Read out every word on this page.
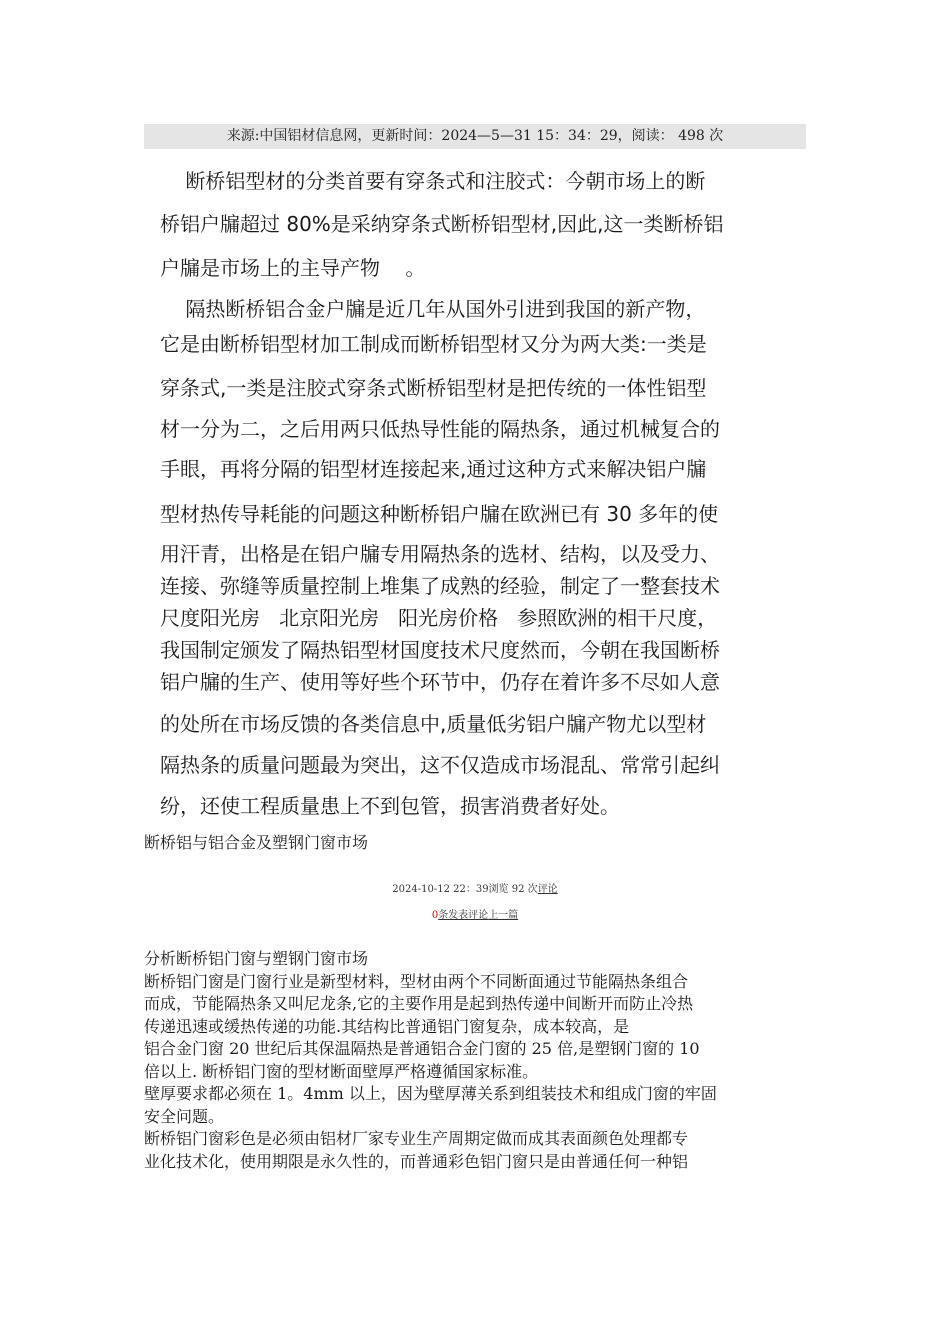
来源:中国铝材信息网，更新时间：2024—5—31 15：34：29，阅读： 498 次
断桥铝型材的分类首要有穿条式和注胶式：今朝市场上的断
桥铝户牖超过 80%是采纳穿条式断桥铝型材,因此,这一类断桥铝
户牖是市场上的主导产物    。
隔热断桥铝合金户牖是近几年从国外引进到我国的新产物，
它是由断桥铝型材加工制成而断桥铝型材又分为两大类:一类是
穿条式,一类是注胶式穿条式断桥铝型材是把传统的一体性铝型
材一分为二，之后用两只低热导性能的隔热条，通过机械复合的
手眼，再将分隔的铝型材连接起来,通过这种方式来解决铝户牖
型材热传导耗能的问题这种断桥铝户牖在欧洲已有 30 多年的使
用汗青，出格是在铝户牖专用隔热条的选材、结构，以及受力、
连接、弥缝等质量控制上堆集了成熟的经验，制定了一整套技术
尺度阳光房   北京阳光房   阳光房价格   参照欧洲的相干尺度，
我国制定颁发了隔热铝型材国度技术尺度然而，今朝在我国断桥
铝户牖的生产、使用等好些个环节中，仍存在着许多不尽如人意
的处所在市场反馈的各类信息中,质量低劣铝户牖产物尤以型材
隔热条的质量问题最为突出，这不仅造成市场混乱、常常引起纠
纷，还使工程质量患上不到包管，损害消费者好处。
断桥铝与铝合金及塑钢门窗市场
2024-10-12 22：39浏览 92 次评论
0条发表评论上一篇
分析断桥铝门窗与塑钢门窗市场
断桥铝门窗是门窗行业是新型材料，型材由两个不同断面通过节能隔热条组合
而成，节能隔热条又叫尼龙条,它的主要作用是起到热传递中间断开而防止冷热
传递迅速或缓热传递的功能.其结构比普通铝门窗复杂，成本较高，是
铝合金门窗 20 世纪后其保温隔热是普通铝合金门窗的 25 倍,是塑钢门窗的 10
倍以上. 断桥铝门窗的型材断面壁厚严格遵循国家标准。
壁厚要求都必须在 1。4mm 以上，因为壁厚薄关系到组装技术和组成门窗的牢固
安全问题。
断桥铝门窗彩色是必须由铝材厂家专业生产周期定做而成其表面颜色处理都专
业化技术化，使用期限是永久性的，而普通彩色铝门窗只是由普通任何一种铝
